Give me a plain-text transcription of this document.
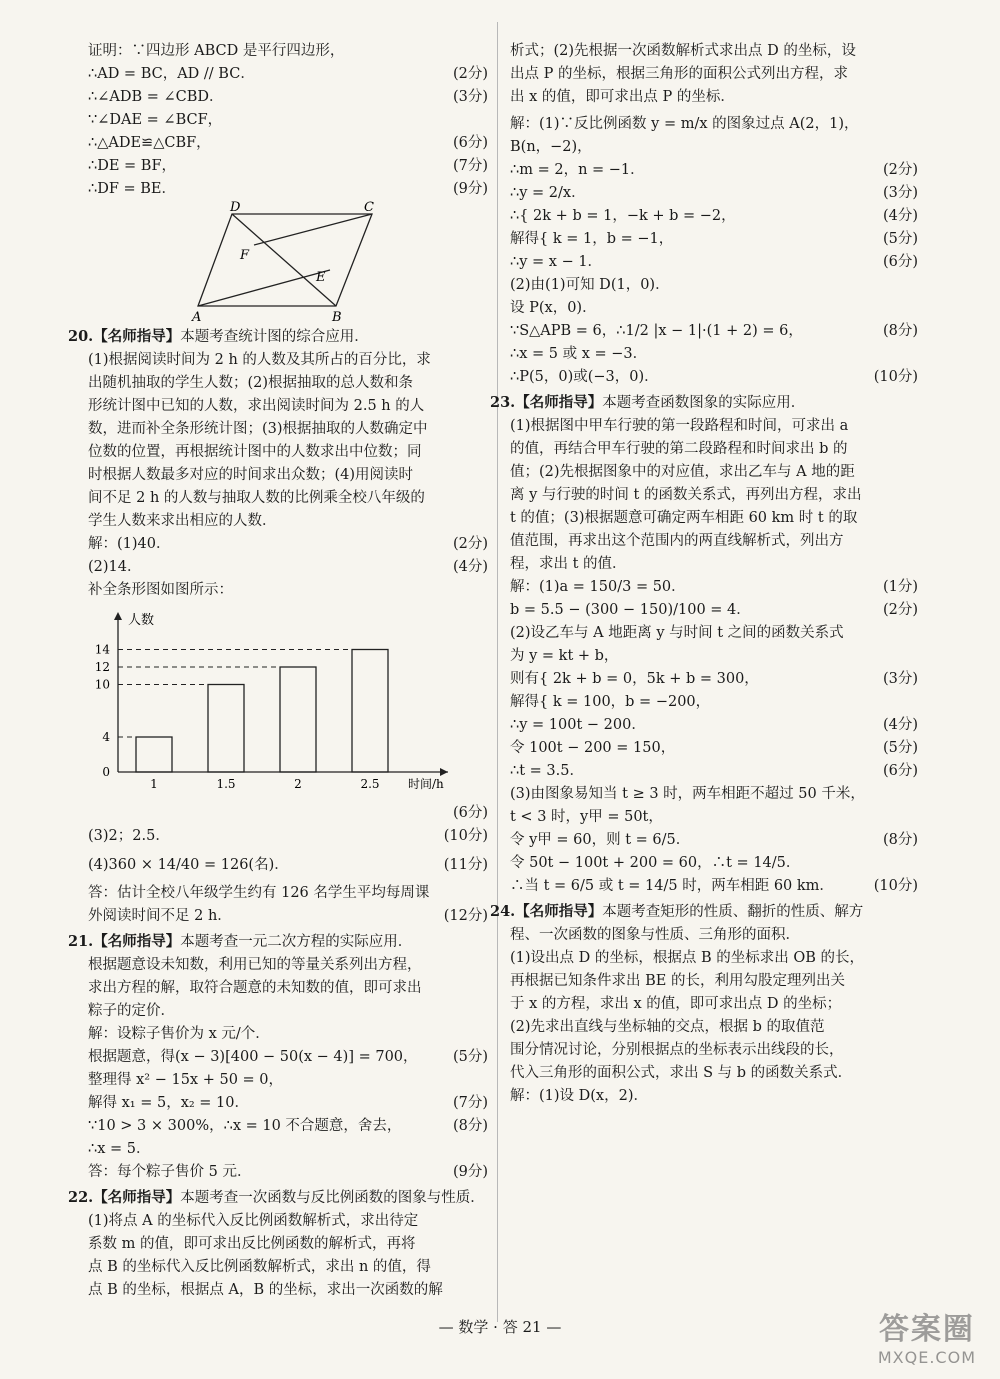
证明：∵四边形 ABCD 是平行四边形，
∴AD = BC，AD // BC．	(2分)
∴∠ADB = ∠CBD．	(3分)
∵∠DAE = ∠BCF，
∴△ADE≌△CBF，	(6分)
∴DE = BF，	(7分)
∴DF = BE．	(9分)
D	C
A	B
F
E
20.【名师指导】本题考查统计图的综合应用．
(1)根据阅读时间为 2 h 的人数及其所占的百分比，求
出随机抽取的学生人数；(2)根据抽取的总人数和条
形统计图中已知的人数，求出阅读时间为 2.5 h 的人
数，进而补全条形统计图；(3)根据抽取的人数确定中
位数的位置，再根据统计图中的人数求出中位数；同
时根据人数最多对应的时间求出众数；(4)用阅读时
间不足 2 h 的人数与抽取人数的比例乘全校八年级的
学生人数来求出相应的人数．
解：(1)40．	(2分)
(2)14．	(4分)
补全条形图如图所示：
人数
时间/h
0
4
10
12
14
1	1.5	2	2.5
(6分)

(3)2；2.5．	(10分)
(4)360 × 14/40 = 126(名)．	(11分)
答：估计全校八年级学生约有 126 名学生平均每周课
外阅读时间不足 2 h．	(12分)
21.【名师指导】本题考查一元二次方程的实际应用．
根据题意设未知数，利用已知的等量关系列出方程，
求出方程的解，取符合题意的未知数的值，即可求出
粽子的定价．
解：设粽子售价为 x 元/个．
根据题意，得(x − 3)[400 − 50(x − 4)] = 700， (5分)
整理得 x² − 15x + 50 = 0，
解得 x₁ = 5，x₂ = 10．	(7分)
∵10 > 3 × 300%，∴x = 10 不合题意，舍去，	(8分)
∴x = 5．
答：每个粽子售价 5 元．	(9分)
22.【名师指导】本题考查一次函数与反比例函数的图象与性质．
(1)将点 A 的坐标代入反比例函数解析式，求出待定
系数 m 的值，即可求出反比例函数的解析式，再将
点 B 的坐标代入反比例函数解析式，求出 n 的值，得
点 B 的坐标，根据点 A，B 的坐标，求出一次函数的解
析式；(2)先根据一次函数解析式求出点 D 的坐标，设
出点 P 的坐标，根据三角形的面积公式列出方程，求
出 x 的值，即可求出点 P 的坐标．
解：(1)∵反比例函数 y = m/x 的图象过点 A(2，1)，
B(n，−2)，
∴m = 2，n = −1．	(2分)
∴y = 2/x．	(3分)
∴{ 2k + b = 1，−k + b = −2，	(4分)
解得{ k = 1，b = −1，	(5分)
∴y = x − 1．	(6分)
(2)由(1)可知 D(1，0)．
设 P(x，0)．
∵S△APB = 6，∴1/2 |x − 1|·(1 + 2) = 6，	(8分)
∴x = 5 或 x = −3．
∴P(5，0)或(−3，0)．	(10分)
23.【名师指导】本题考查函数图象的实际应用．
(1)根据图中甲车行驶的第一段路程和时间，可求出 a
的值，再结合甲车行驶的第二段路程和时间求出 b 的
值；(2)先根据图象中的对应值，求出乙车与 A 地的距
离 y 与行驶的时间 t 的函数关系式，再列出方程，求出
t 的值；(3)根据题意可确定两车相距 60 km 时 t 的取
值范围，再求出这个范围内的两直线解析式，列出方
程，求出 t 的值．
解：(1)a = 150/3 = 50．	(1分)
b = 5.5 − (300 − 150)/100 = 4．	(2分)
(2)设乙车与 A 地距离 y 与时间 t 之间的函数关系式
为 y = kt + b，
则有{ 2k + b = 0，5k + b = 300，	(3分)
解得{ k = 100，b = −200，
∴y = 100t − 200．	(4分)
令 100t − 200 = 150，	(5分)
∴t = 3.5．	(6分)
(3)由图象易知当 t ≥ 3 时，两车相距不超过 50 千米，
t < 3 时，y甲 = 50t，
令 y甲 = 60，则 t = 6/5．	(8分)
令 50t − 100t + 200 = 60，∴t = 14/5．
∴当 t = 6/5 或 t = 14/5 时，两车相距 60 km．	(10分)
24.【名师指导】本题考查矩形的性质、翻折的性质、解方
程、一次函数的图象与性质、三角形的面积．
(1)设出点 D 的坐标，根据点 B 的坐标求出 OB 的长，
再根据已知条件求出 BE 的长，利用勾股定理列出关
于 x 的方程，求出 x 的值，即可求出点 D 的坐标；
(2)先求出直线与坐标轴的交点，根据 b 的取值范
围分情况讨论，分别根据点的坐标表示出线段的长，
代入三角形的面积公式，求出 S 与 b 的函数关系式．
解：(1)设 D(x，2)．
— 数学 · 答 21 —	答案圈
MXQE.COM
